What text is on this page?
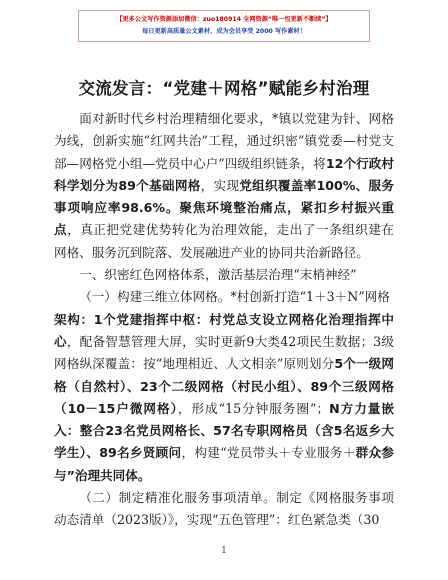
【更多公文写作资源添加微信：zuo180914 全网资源“唯一包更新不断续”】
每日更新高质量公文素材，成为会员享受 2000 写作素材！
交流发言：“党建＋网格”赋能乡村治理

面对新时代乡村治理精细化要求，*镇以党建为针、网格为线，创新实施“红网共治”工程，通过织密“镇党委—村党支部—网格党小组—党员中心户”四级组织链条，将12个行政村科学划分为89个基础网格，实现党组织覆盖率100%、服务事项响应率98.6%。聚焦环境整治痛点，紧扣乡村振兴重点，真正把党建优势转化为治理效能，走出了一条组织建在网格、服务沉到院落、发展融进产业的协同共治新路径。

一、织密红色网格体系，激活基层治理“末梢神经”

（一）构建三维立体网格。*村创新打造“1＋3＋N”网格

架构：1个党建指挥中枢：村党总支设立网格化治理指挥中心，配备智慧管理大屏，实时更新9大类42项民生数据；3级网格纵深覆盖：按“地理相近、人文相亲”原则划分5个一级网格（自然村）、23个二级网格（村民小组）、89个三级网格（10－15户微网格），形成“15分钟服务圈”；N方力量嵌入：整合23名党员网格长、57名专职网格员（含5名返乡大学生）、89名乡贤顾问，构建“党员带头＋专业服务＋群众参与”治理共同体。

（二）制定精准化服务事项清单。制定《网格服务事项动态清单（2023版）》，实现“五色管理”：红色紧急类（30

1
